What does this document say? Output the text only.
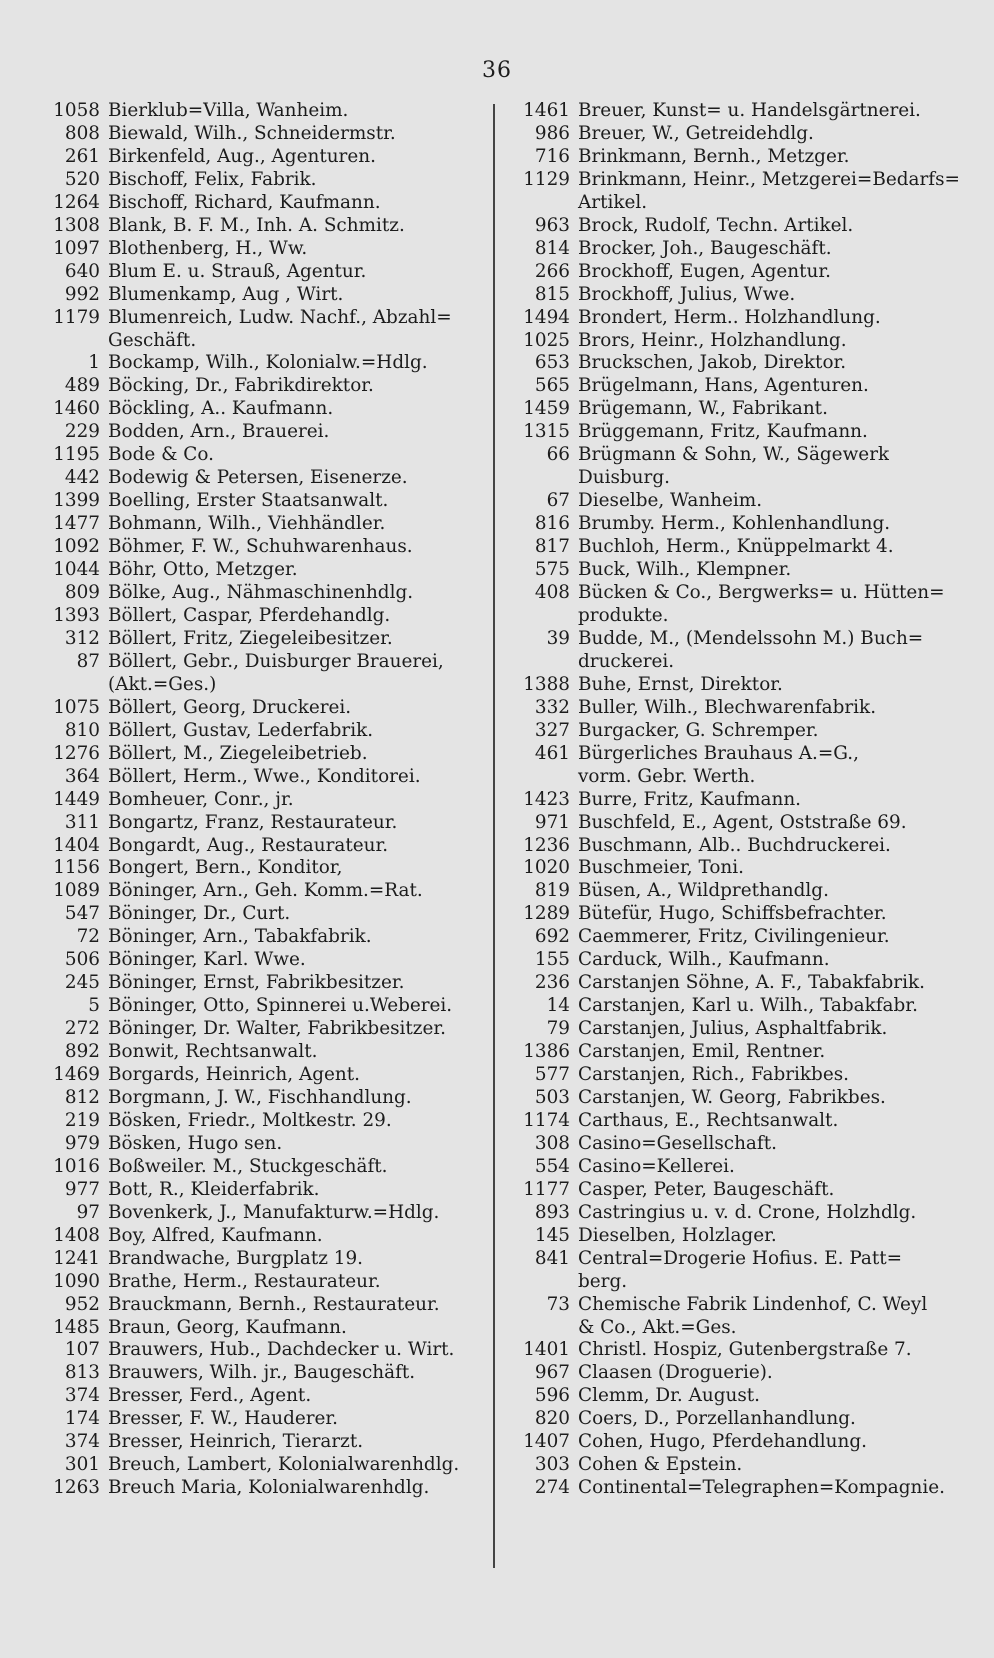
36
1058 Bierklub=Villa, Wanheim.
808 Biewald, Wilh., Schneidermstr.
261 Birkenfeld, Aug., Agenturen.
520 Bischoff, Felix, Fabrik.
1264 Bischoff, Richard, Kaufmann.
1308 Blank, B. F. M., Inh. A. Schmitz.
1097 Blothenberg, H., Ww.
640 Blum E. u. Strauß, Agentur.
992 Blumenkamp, Aug , Wirt.
1179 Blumenreich, Ludw. Nachf., Abzahl=
Geschäft.
1 Bockamp, Wilh., Kolonialw.=Hdlg.
489 Böcking, Dr., Fabrikdirektor.
1460 Böckling, A.. Kaufmann.
229 Bodden, Arn., Brauerei.
1195 Bode & Co.
442 Bodewig & Petersen, Eisenerze.
1399 Boelling, Erster Staatsanwalt.
1477 Bohmann, Wilh., Viehhändler.
1092 Böhmer, F. W., Schuhwarenhaus.
1044 Böhr, Otto, Metzger.
809 Bölke, Aug., Nähmaschinenhdlg.
1393 Böllert, Caspar, Pferdehandlg.
312 Böllert, Fritz, Ziegeleibesitzer.
87 Böllert, Gebr., Duisburger Brauerei,
(Akt.=Ges.)
1075 Böllert, Georg, Druckerei.
810 Böllert, Gustav, Lederfabrik.
1276 Böllert, M., Ziegeleibetrieb.
364 Böllert, Herm., Wwe., Konditorei.
1449 Bomheuer, Conr., jr.
311 Bongartz, Franz, Restaurateur.
1404 Bongardt, Aug., Restaurateur.
1156 Bongert, Bern., Konditor,
1089 Böninger, Arn., Geh. Komm.=Rat.
547 Böninger, Dr., Curt.
72 Böninger, Arn., Tabakfabrik.
506 Böninger, Karl. Wwe.
245 Böninger, Ernst, Fabrikbesitzer.
5 Böninger, Otto, Spinnerei u.Weberei.
272 Böninger, Dr. Walter, Fabrikbesitzer.
892 Bonwit, Rechtsanwalt.
1469 Borgards, Heinrich, Agent.
812 Borgmann, J. W., Fischhandlung.
219 Bösken, Friedr., Moltkestr. 29.
979 Bösken, Hugo sen.
1016 Boßweiler. M., Stuckgeschäft.
977 Bott, R., Kleiderfabrik.
97 Bovenkerk, J., Manufakturw.=Hdlg.
1408 Boy, Alfred, Kaufmann.
1241 Brandwache, Burgplatz 19.
1090 Brathe, Herm., Restaurateur.
952 Brauckmann, Bernh., Restaurateur.
1485 Braun, Georg, Kaufmann.
107 Brauwers, Hub., Dachdecker u. Wirt.
813 Brauwers, Wilh. jr., Baugeschäft.
374 Bresser, Ferd., Agent.
174 Bresser, F. W., Hauderer.
374 Bresser, Heinrich, Tierarzt.
301 Breuch, Lambert, Kolonialwarenhdlg.
1263 Breuch Maria, Kolonialwarenhdlg.
1461 Breuer, Kunst= u. Handelsgärtnerei.
986 Breuer, W., Getreidehdlg.
716 Brinkmann, Bernh., Metzger.
1129 Brinkmann, Heinr., Metzgerei=Bedarfs=
Artikel.
963 Brock, Rudolf, Techn. Artikel.
814 Brocker, Joh., Baugeschäft.
266 Brockhoff, Eugen, Agentur.
815 Brockhoff, Julius, Wwe.
1494 Brondert, Herm.. Holzhandlung.
1025 Brors, Heinr., Holzhandlung.
653 Bruckschen, Jakob, Direktor.
565 Brügelmann, Hans, Agenturen.
1459 Brügemann, W., Fabrikant.
1315 Brüggemann, Fritz, Kaufmann.
66 Brügmann & Sohn, W., Sägewerk
Duisburg.
67 Dieselbe, Wanheim.
816 Brumby. Herm., Kohlenhandlung.
817 Buchloh, Herm., Knüppelmarkt 4.
575 Buck, Wilh., Klempner.
408 Bücken & Co., Bergwerks= u. Hütten=
produkte.
39 Budde, M., (Mendelssohn M.) Buch=
druckerei.
1388 Buhe, Ernst, Direktor.
332 Buller, Wilh., Blechwarenfabrik.
327 Burgacker, G. Schremper.
461 Bürgerliches Brauhaus A.=G.,
vorm. Gebr. Werth.
1423 Burre, Fritz, Kaufmann.
971 Buschfeld, E., Agent, Oststraße 69.
1236 Buschmann, Alb.. Buchdruckerei.
1020 Buschmeier, Toni.
819 Büsen, A., Wildprethandlg.
1289 Bütefür, Hugo, Schiffsbefrachter.
692 Caemmerer, Fritz, Civilingenieur.
155 Carduck, Wilh., Kaufmann.
236 Carstanjen Söhne, A. F., Tabakfabrik.
14 Carstanjen, Karl u. Wilh., Tabakfabr.
79 Carstanjen, Julius, Asphaltfabrik.
1386 Carstanjen, Emil, Rentner.
577 Carstanjen, Rich., Fabrikbes.
503 Carstanjen, W. Georg, Fabrikbes.
1174 Carthaus, E., Rechtsanwalt.
308 Casino=Gesellschaft.
554 Casino=Kellerei.
1177 Casper, Peter, Baugeschäft.
893 Castringius u. v. d. Crone, Holzhdlg.
145 Dieselben, Holzlager.
841 Central=Drogerie Hofius. E. Patt=
berg.
73 Chemische Fabrik Lindenhof, C. Weyl
& Co., Akt.=Ges.
1401 Christl. Hospiz, Gutenbergstraße 7.
967 Claasen (Droguerie).
596 Clemm, Dr. August.
820 Coers, D., Porzellanhandlung.
1407 Cohen, Hugo, Pferdehandlung.
303 Cohen & Epstein.
274 Continental=Telegraphen=Kompagnie.
